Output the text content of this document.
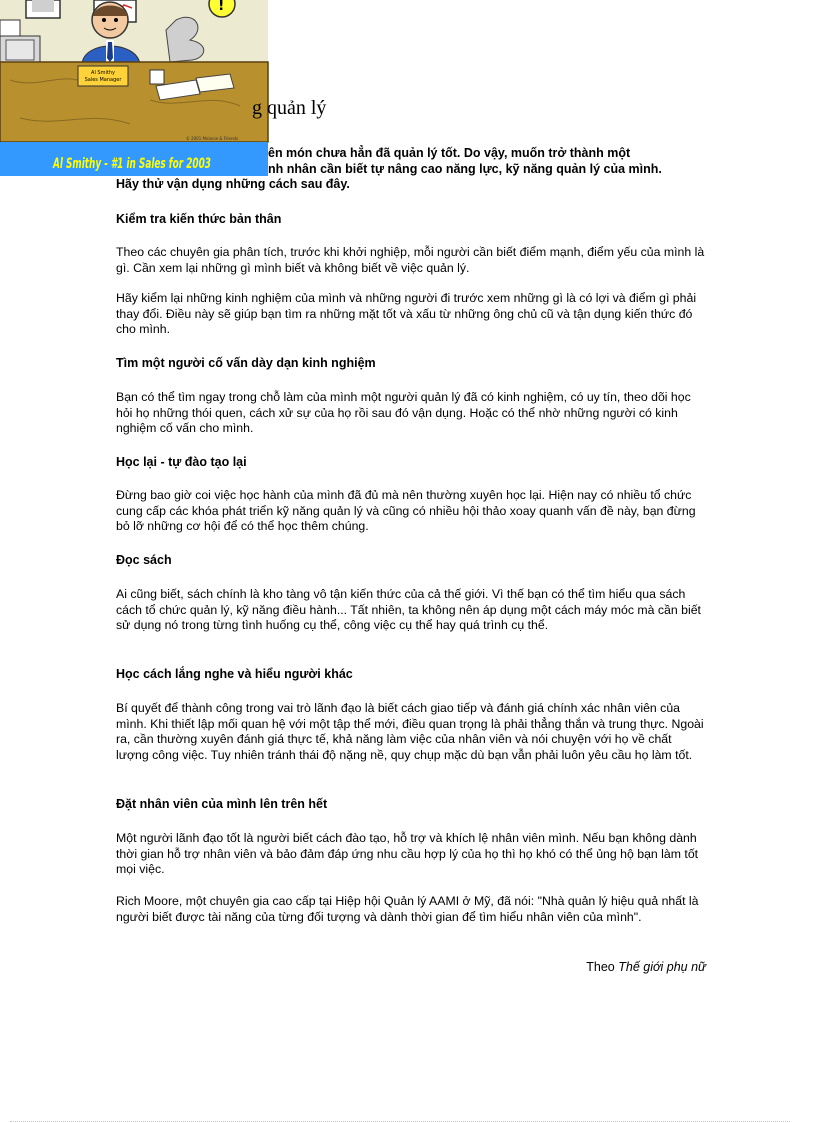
!
Al Smithy
Sales Manager
© 2001 Melanie & Friends
Al Smithy - #1 in Sales for 2003
g quản lý
ên món chưa hẳn đã quản lý tốt. Do vậy, muốn trở thành một
nh nhân cần biết tự nâng cao năng lực, kỹ năng quản lý của mình.
Hãy thử vận dụng những cách sau đây.
Kiểm tra kiến thức bản thân

Theo các chuyên gia phân tích, trước khi khởi nghiệp, mỗi người cần biết điểm mạnh, điểm yếu của mình là gì. Cần xem lại những gì mình biết và không biết về việc quản lý.

Hãy kiểm lại những kinh nghiệm của mình và những người đi trước xem những gì là có lợi và điểm gì phải thay đổi. Điều này sẽ giúp bạn tìm ra những mặt tốt và xấu từ những ông chủ cũ và tận dụng kiến thức đó cho mình.

Tìm một người cố vấn dày dạn kinh nghiệm

Bạn có thể tìm ngay trong chỗ làm của mình một người quản lý đã có kinh nghiệm, có uy tín, theo dõi học hỏi họ những thói quen, cách xử sự của họ rồi sau đó vận dụng. Hoặc có thể nhờ những người có kinh nghiệm cố vấn cho mình.

Học lại - tự đào tạo lại

Đừng bao giờ coi việc học hành của mình đã đủ mà nên thường xuyên học lại. Hiện nay có nhiều tổ chức cung cấp các khóa phát triển kỹ năng quản lý và cũng có nhiều hội thảo xoay quanh vấn đề này, bạn đừng bỏ lỡ những cơ hội để có thể học thêm chúng.

Đọc sách

Ai cũng biết, sách chính là kho tàng vô tận kiến thức của cả thế giới. Vì thế bạn có thể tìm hiểu qua sách cách tổ chức quản lý, kỹ năng điều hành... Tất nhiên, ta không nên áp dụng một cách máy móc mà cần biết sử dụng nó trong từng tình huống cụ thể, công việc cụ thể hay quá trình cụ thể.

Học cách lắng nghe và hiểu người khác

Bí quyết để thành công trong vai trò lãnh đạo là biết cách giao tiếp và đánh giá chính xác nhân viên của mình. Khi thiết lập mối quan hệ với một tập thể mới, điều quan trọng là phải thẳng thắn và trung thực. Ngoài ra, cần thường xuyên đánh giá thực tế, khả năng làm việc của nhân viên và nói chuyện với họ về chất lượng công việc. Tuy nhiên tránh thái độ nặng nề, quy chụp mặc dù bạn vẫn phải luôn yêu cầu họ làm tốt.

Đặt nhân viên của mình lên trên hết

Một người lãnh đạo tốt là người biết cách đào tạo, hỗ trợ và khích lệ nhân viên mình. Nếu bạn không dành thời gian hỗ trợ nhân viên và bảo đảm đáp ứng nhu cầu hợp lý của họ thì họ khó có thể ủng hộ bạn làm tốt mọi việc.

Rich Moore, một chuyên gia cao cấp tại Hiệp hội Quản lý AAMI ở Mỹ, đã nói: "Nhà quản lý hiệu quả nhất là người biết được tài năng của từng đối tượng và dành thời gian để tìm hiểu nhân viên của mình".

Theo Thế giới phụ nữ
